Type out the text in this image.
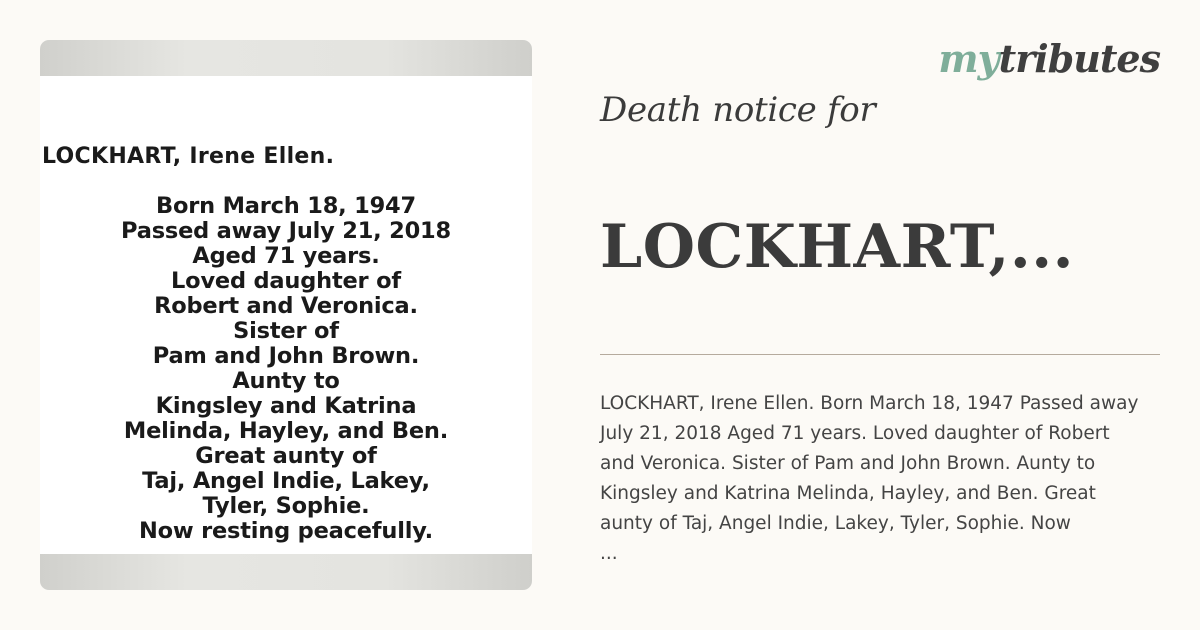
LOCKHART, Irene Ellen.
Born March 18, 1947
Passed away July 21, 2018
Aged 71 years.
Loved daughter of
Robert and Veronica.
Sister of
Pam and John Brown.
Aunty to
Kingsley and Katrina
Melinda, Hayley, and Ben.
Great aunty of
Taj, Angel Indie, Lakey,
Tyler, Sophie.
Now resting peacefully.
mytributes
Death notice for
LOCKHART,...
LOCKHART, Irene Ellen. Born March 18, 1947 Passed away
July 21, 2018 Aged 71 years. Loved daughter of Robert
and Veronica. Sister of Pam and John Brown. Aunty to
Kingsley and Katrina Melinda, Hayley, and Ben. Great
aunty of Taj, Angel Indie, Lakey, Tyler, Sophie. Now
...
